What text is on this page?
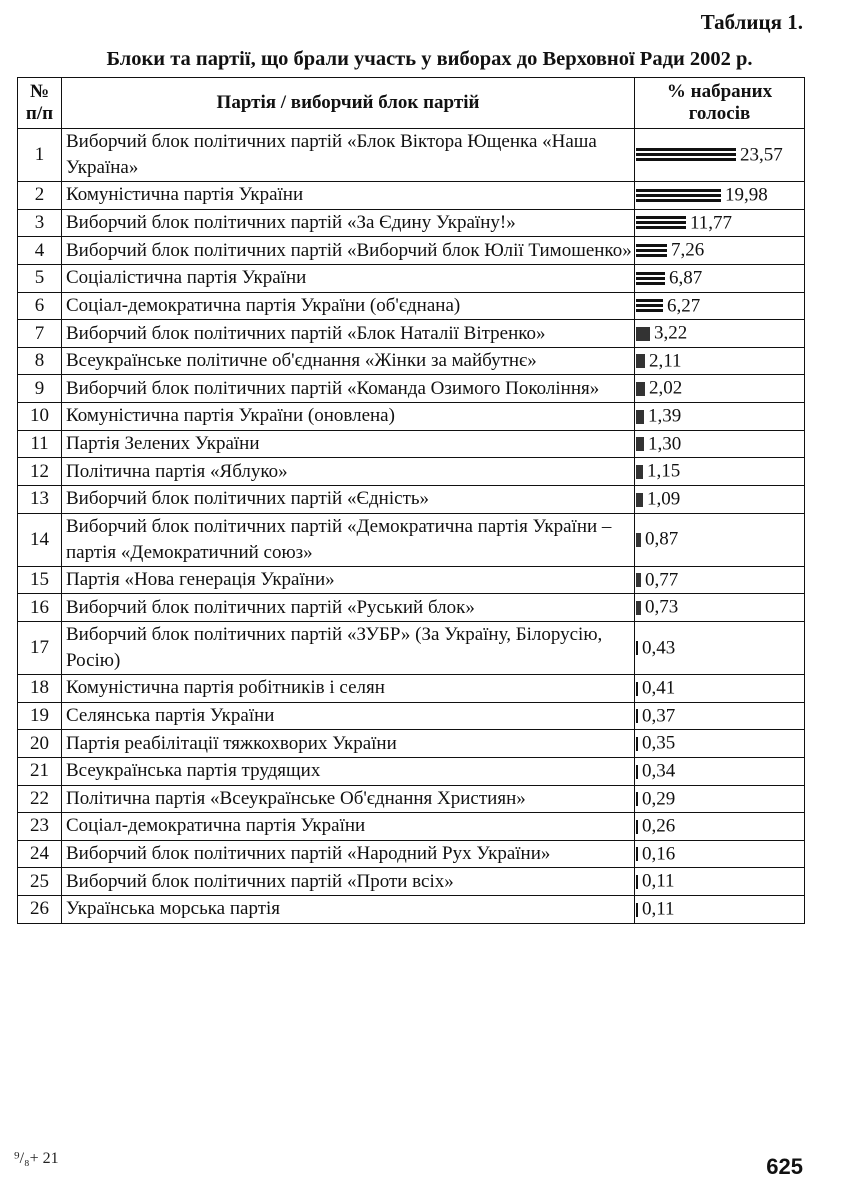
Таблиця 1.
Блоки та партії, що брали участь у виборах до Верховної Ради 2002 р.
№ п/п	Партія / виборчий блок партій	% набраних голосів
1	Виборчий блок політичних партій «Блок Віктора Ющенка «Наша Україна»	23,57
2	Комуністична партія України	19,98
3	Виборчий блок політичних партій «За Єдину Україну!»	11,77
4	Виборчий блок політичних партій «Виборчий блок Юлії Тимошенко»	7,26
5	Соціалістична партія України	6,87
6	Соціал-демократична партія України (об'єднана)	6,27
7	Виборчий блок політичних партій «Блок Наталії Вітренко»	3,22
8	Всеукраїнське політичне об'єднання «Жінки за майбутнє»	2,11
9	Виборчий блок політичних партій «Команда Озимого Покоління»	2,02
10	Комуністична партія України (оновлена)	1,39
11	Партія Зелених України	1,30
12	Політична партія «Яблуко»	1,15
13	Виборчий блок політичних партій «Єдність»	1,09
14	Виборчий блок політичних партій «Демократична партія України – партія «Демократичний союз»	0,87
15	Партія «Нова генерація України»	0,77
16	Виборчий блок політичних партій «Руський блок»	0,73
17	Виборчий блок політичних партій «ЗУБР» (За Україну, Білорусію, Росію)	0,43
18	Комуністична партія робітників і селян	0,41
19	Селянська партія України	0,37
20	Партія реабілітації тяжкохворих України	0,35
21	Всеукраїнська партія трудящих	0,34
22	Політична партія «Всеукраїнське Об'єднання Християн»	0,29
23	Соціал-демократична партія України	0,26
24	Виборчий блок політичних партій «Народний Рух України»	0,16
25	Виборчий блок політичних партій «Проти всіх»	0,11
26	Українська морська партія	0,11
⁹/₈+ 21	625
